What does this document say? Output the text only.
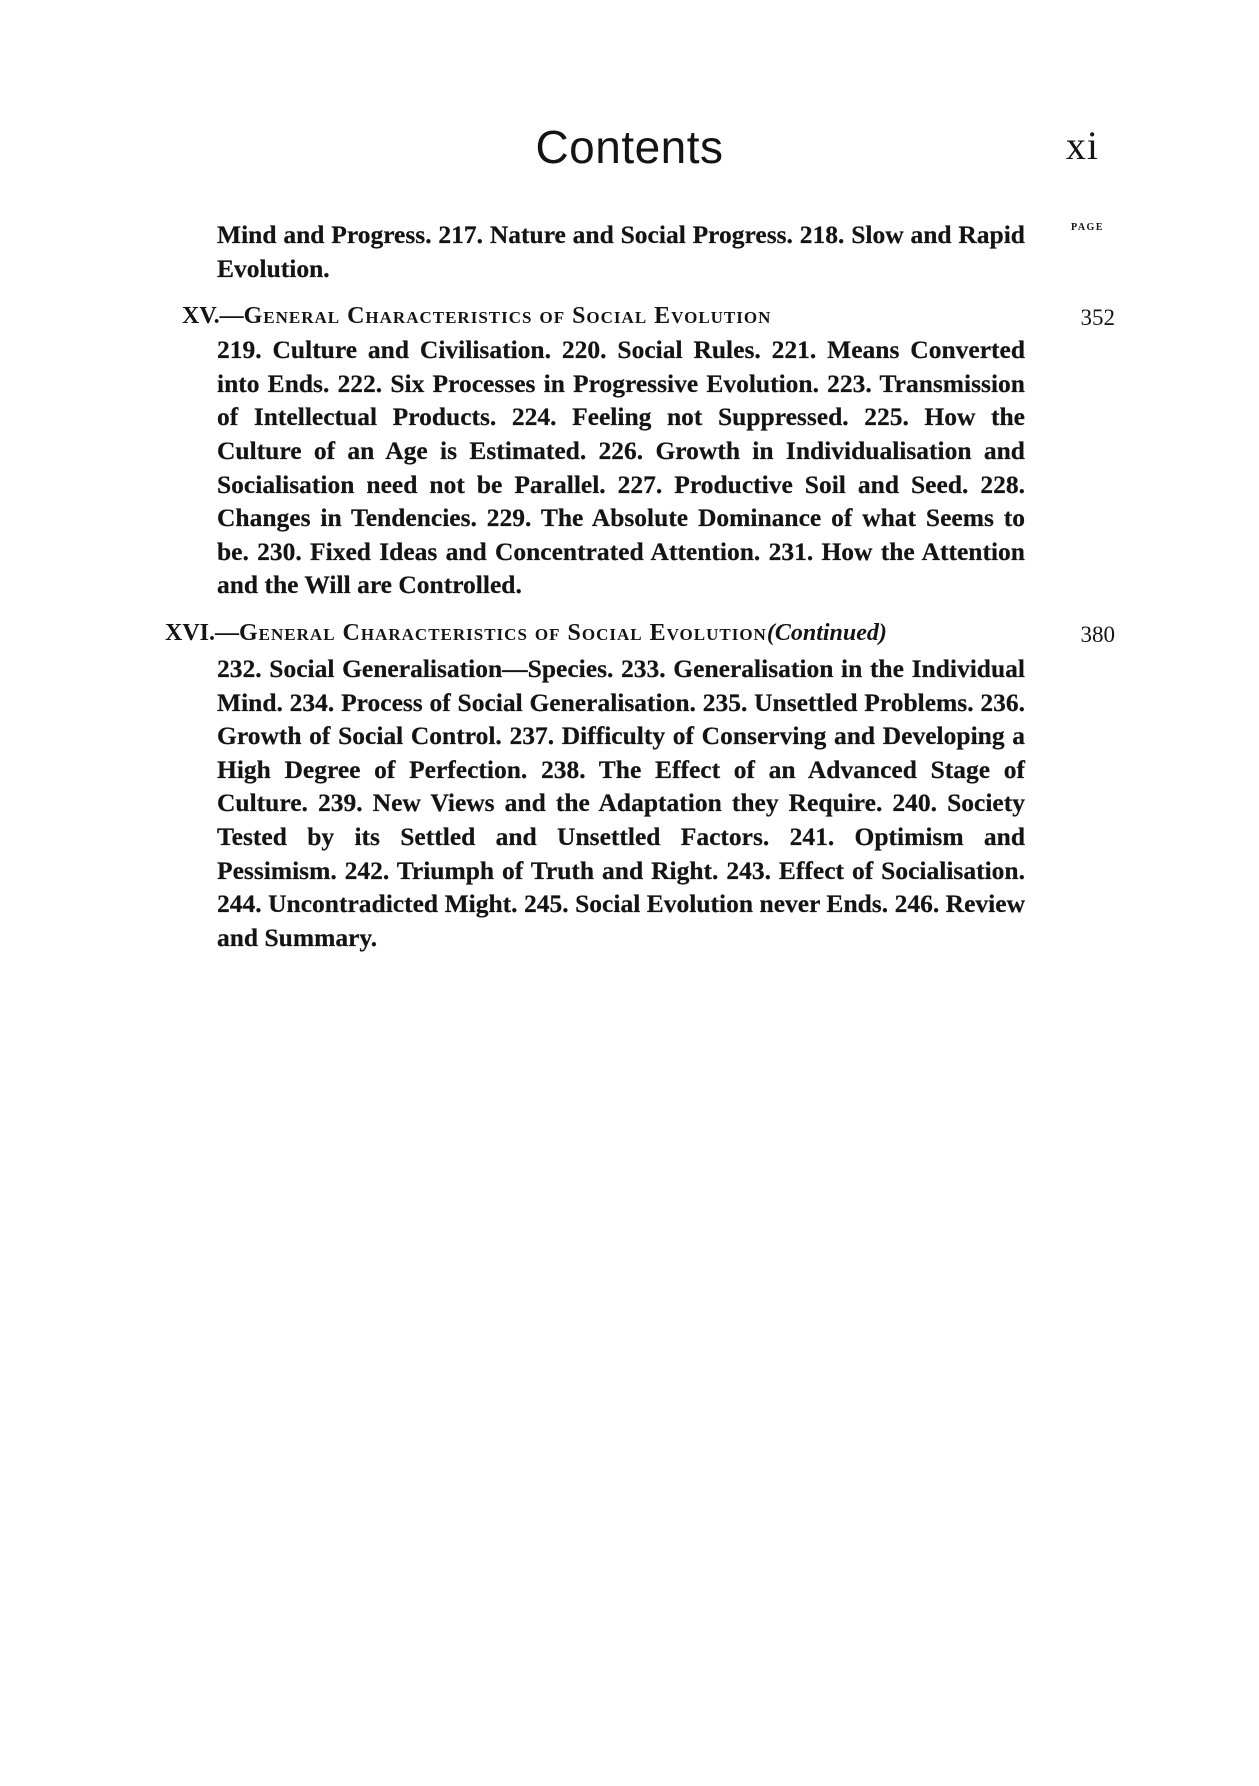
Contents	xi
PAGE
Mind and Progress. 217. Nature and Social Progress. 218. Slow and Rapid Evolution.
XV.—General Characteristics of Social Evolution	352
219. Culture and Civilisation. 220. Social Rules. 221. Means Converted into Ends. 222. Six Processes in Progressive Evolution. 223. Transmission of Intellectual Products. 224. Feeling not Suppressed. 225. How the Culture of an Age is Estimated. 226. Growth in Individualisation and Socialisation need not be Parallel. 227. Productive Soil and Seed. 228. Changes in Tendencies. 229. The Absolute Dominance of what Seems to be. 230. Fixed Ideas and Concentrated Attention. 231. How the Attention and the Will are Controlled.
XVI.—General Characteristics of Social Evolution(Continued)	380
232. Social Generalisation—Species. 233. Generalisation in the Individual Mind. 234. Process of Social Generalisation. 235. Unsettled Problems. 236. Growth of Social Control. 237. Difficulty of Conserving and Developing a High Degree of Perfection. 238. The Effect of an Advanced Stage of Culture. 239. New Views and the Adaptation they Require. 240. Society Tested by its Settled and Unsettled Factors. 241. Optimism and Pessimism. 242. Triumph of Truth and Right. 243. Effect of Socialisation. 244. Uncontradicted Might. 245. Social Evolution never Ends. 246. Review and Summary.
